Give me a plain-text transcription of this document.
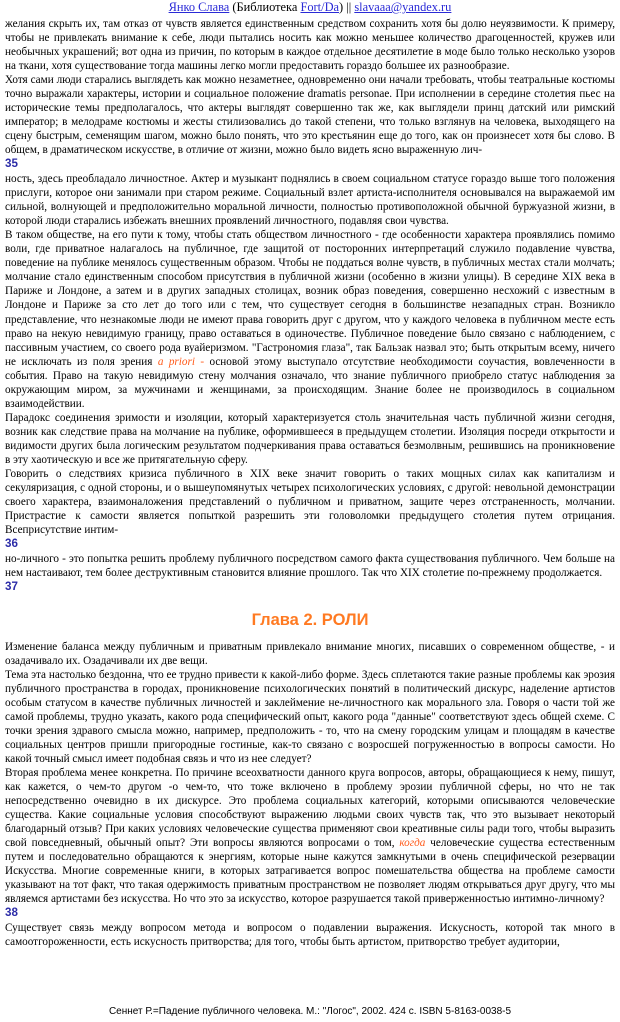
Янко Слава (Библиотека Fort/Da) || slavaaa@yandex.ru

желания скрыть их, там отказ от чувств является единственным средством сохранить хотя бы долю неуязвимости. К примеру, чтобы не привлекать внимание к себе, люди пытались носить как можно меньшее количество драгоценностей, кружев или необычных украшений; вот одна из причин, по которым в каждое отдельное десятилетие в моде было только несколько узоров на ткани, хотя существование тогда машины легко могли предоставить гораздо большее их разнообразие.

Хотя сами люди старались выглядеть как можно незаметнее, одновременно они начали требовать, чтобы театральные костюмы точно выражали характеры, истории и социальное положение dramatis personae. При исполнении в середине столетия пьес на исторические темы предполагалось, что актеры выглядят совершенно так же, как выглядели принц датский или римский император; в мелодраме костюмы и жесты стилизовались до такой степени, что только взглянув на человека, выходящего на сцену быстрым, семенящим шагом, можно было понять, что это крестьянин еще до того, как он произнесет хотя бы слово. В общем, в драматическом искусстве, в отличие от жизни, можно было видеть ясно выраженную лич-

35

ность, здесь преобладало личностное. Актер и музыкант поднялись в своем социальном статусе гораздо выше того положения прислуги, которое они занимали при старом режиме. Социальный взлет артиста-исполнителя основывался на выражаемой им сильной, волнующей и предположительно моральной личности, полностью противоположной обычной буржуазной жизни, в которой люди старались избежать внешних проявлений личностного, подавляя свои чувства.

В таком обществе, на его пути к тому, чтобы стать обществом личностного - где особенности характера проявлялись помимо воли, где приватное налагалось на публичное, где защитой от посторонних интерпретаций служило подавление чувства, поведение на публике менялось существенным образом. Чтобы не поддаться волне чувств, в публичных местах стали молчать; молчание стало единственным способом присутствия в публичной жизни (особенно в жизни улицы). В середине XIX века в Париже и Лондоне, а затем и в других западных столицах, возник образ поведения, совершенно несхожий с известным в Лондоне и Париже за сто лет до того или с тем, что существует сегодня в большинстве незападных стран. Возникло представление, что незнакомые люди не имеют права говорить друг с другом, что у каждого человека в публичном месте есть право на некую невидимую границу, право оставаться в одиночестве. Публичное поведение было связано с наблюдением, с пассивным участием, со своего рода вуайеризмом. "Гастрономия глаза", так Бальзак назвал это; быть открытым всему, ничего не исключать из поля зрения a priori - основой этому выступало отсутствие необходимости соучастия, вовлеченности в события. Право на такую невидимую стену молчания означало, что знание публичного приобрело статус наблюдения за окружающим миром, за мужчинами и женщинами, за происходящим. Знание более не производилось в социальном взаимодействии.

Парадокс соединения зримости и изоляции, который характеризуется столь значительная часть публичной жизни сегодня, возник как следствие права на молчание на публике, оформившееся в предыдущем столетии. Изоляция посреди открытости и видимости других была логическим результатом подчеркивания права оставаться безмолвным, решившись на проникновение в эту хаотическую и все же притягательную сферу.

Говорить о следствиях кризиса публичного в XIX веке значит говорить о таких мощных силах как капитализм и секуляризация, с одной стороны, и о вышеупомянутых четырех психологических условиях, с другой: невольной демонстрации своего характера, взаимоналожения представлений о публичном и приватном, защите через отстраненность, молчании. Пристрастие к самости является попыткой разрешить эти головоломки предыдущего столетия путем отрицания. Всеприсутствие интим-

36

но-личного - это попытка решить проблему публичного посредством самого факта существования публичного. Чем больше на нем настаивают, тем более деструктивным становится влияние прошлого. Так что XIX столетие по-прежнему продолжается.

37
Глава 2. РОЛИ

Изменение баланса между публичным и приватным привлекало внимание многих, писавших о современном обществе, - и озадачивало их. Озадачивали их две вещи.

Тема эта настолько бездонна, что ее трудно привести к какой-либо форме. Здесь сплетаются такие разные проблемы как эрозия публичного пространства в городах, проникновение психологических понятий в политический дискурс, наделение артистов особым статусом в качестве публичных личностей и заклеймение не-личностного как морального зла. Говоря о части той же самой проблемы, трудно указать, какого рода специфический опыт, какого рода "данные" соответствуют здесь общей схеме. С точки зрения здравого смысла можно, например, предположить - то, что на смену городским улицам и площадям в качестве социальных центров пришли пригородные гостиные, как-то связано с возросшей погруженностью в вопросы самости. Но какой точный смысл имеет подобная связь и что из нее следует?

Вторая проблема менее конкретна. По причине всеохватности данного круга вопросов, авторы, обращающиеся к нему, пишут, как кажется, о чем-то другом -о чем-то, что тоже включено в проблему эрозии публичной сферы, но что не так непосредственно очевидно в их дискурсе. Это проблема социальных категорий, которыми описываются человеческие существа. Какие социальные условия способствуют выражению людьми своих чувств так, что это вызывает некоторый благодарный отзыв? При каких условиях человеческие существа применяют свои креативные силы ради того, чтобы выразить свой повседневный, обычный опыт? Эти вопросы являются вопросами о том, когда человеческие существа естественным путем и последовательно обращаются к энергиям, которые ныне кажутся замкнутыми в очень специфической резервации Искусства. Многие современные книги, в которых затрагивается вопрос помешательства общества на проблеме самости указывают на тот факт, что такая одержимость приватным пространством не позволяет людям открываться друг другу, что мы являемся артистами без искусства. Но что это за искусство, которое разрушается такой приверженностью интимно-личному?

38

Существует связь между вопросом метода и вопросом о подавлении выражения. Искусность, которой так много в самоотгороженности, есть искусность притворства; для того, чтобы быть артистом, притворство требует аудитории,

Сеннет Р.=Падение публичного человека. М.: "Логос", 2002. 424 с. ISBN 5-8163-0038-5
